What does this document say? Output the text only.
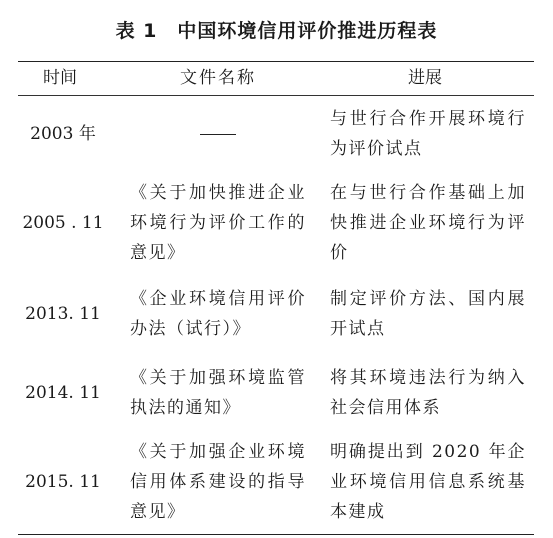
表 1 中国环境信用评价推进历程表
时间	文件名称	进展
2003 年
与世行合作开展环境行为评价试点
2005 . 11
《关于加快推进企业环境行为评价工作的意见》
在与世行合作基础上加快推进企业环境行为评价
2013. 11
《企业环境信用评价办法（试行）》
制定评价方法、国内展开试点
2014. 11
《关于加强环境监管执法的通知》
将其环境违法行为纳入社会信用体系
2015. 11
《关于加强企业环境信用体系建设的指导意见》
明确提出到 2020 年企业环境信用信息系统基本建成
